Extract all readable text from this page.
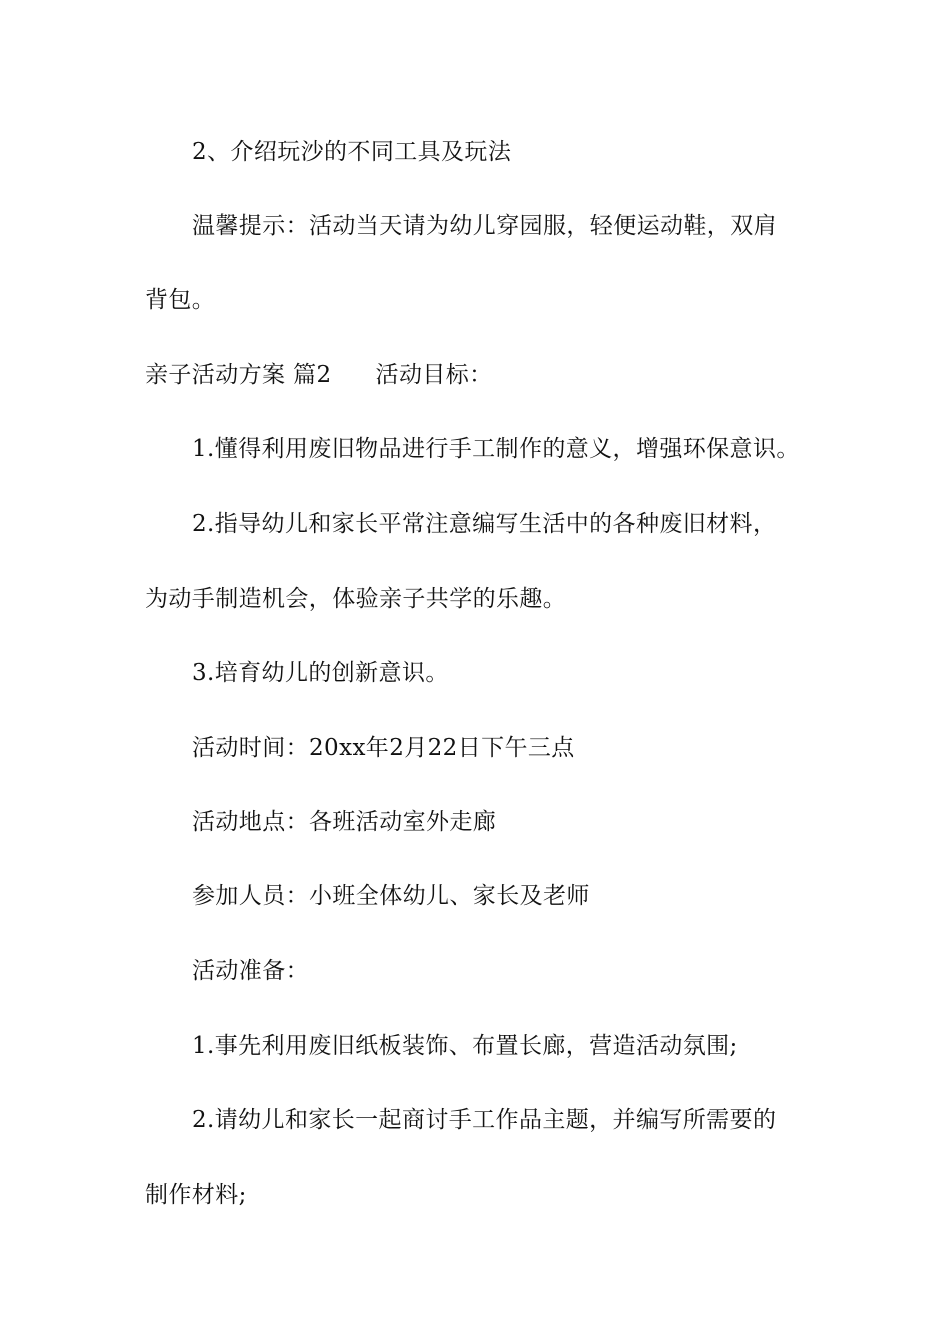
2、介绍玩沙的不同工具及玩法
温馨提示：活动当天请为幼儿穿园服，轻便运动鞋，双肩
背包。
亲子活动方案 篇2 活动目标：
1.懂得利用废旧物品进行手工制作的意义，增强环保意识。
2.指导幼儿和家长平常注意编写生活中的各种废旧材料，
为动手制造机会，体验亲子共学的乐趣。
3.培育幼儿的创新意识。
活动时间：20xx年2月22日下午三点
活动地点：各班活动室外走廊
参加人员：小班全体幼儿、家长及老师
活动准备：
1.事先利用废旧纸板装饰、布置长廊，营造活动氛围;
2.请幼儿和家长一起商讨手工作品主题，并编写所需要的
制作材料;
